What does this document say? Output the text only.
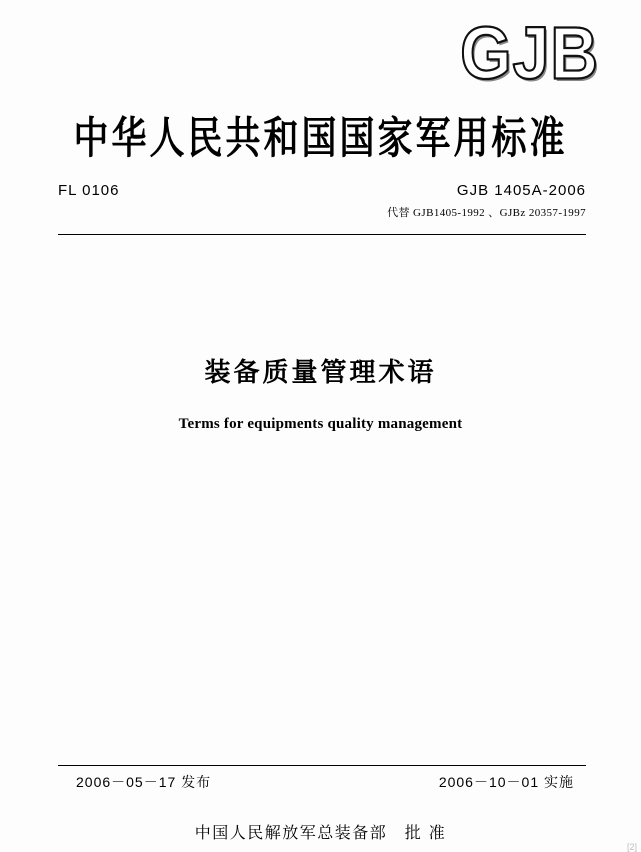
GJB
中华人民共和国国家军用标准
FL 0106	GJB 1405A-2006
代替 GJB1405-1992 、GJBz 20357-1997
装备质量管理术语
Terms for equipments quality management
2006－05－17 发布	2006－10－01 实施
中国人民解放军总装备部　批 准
[2]
